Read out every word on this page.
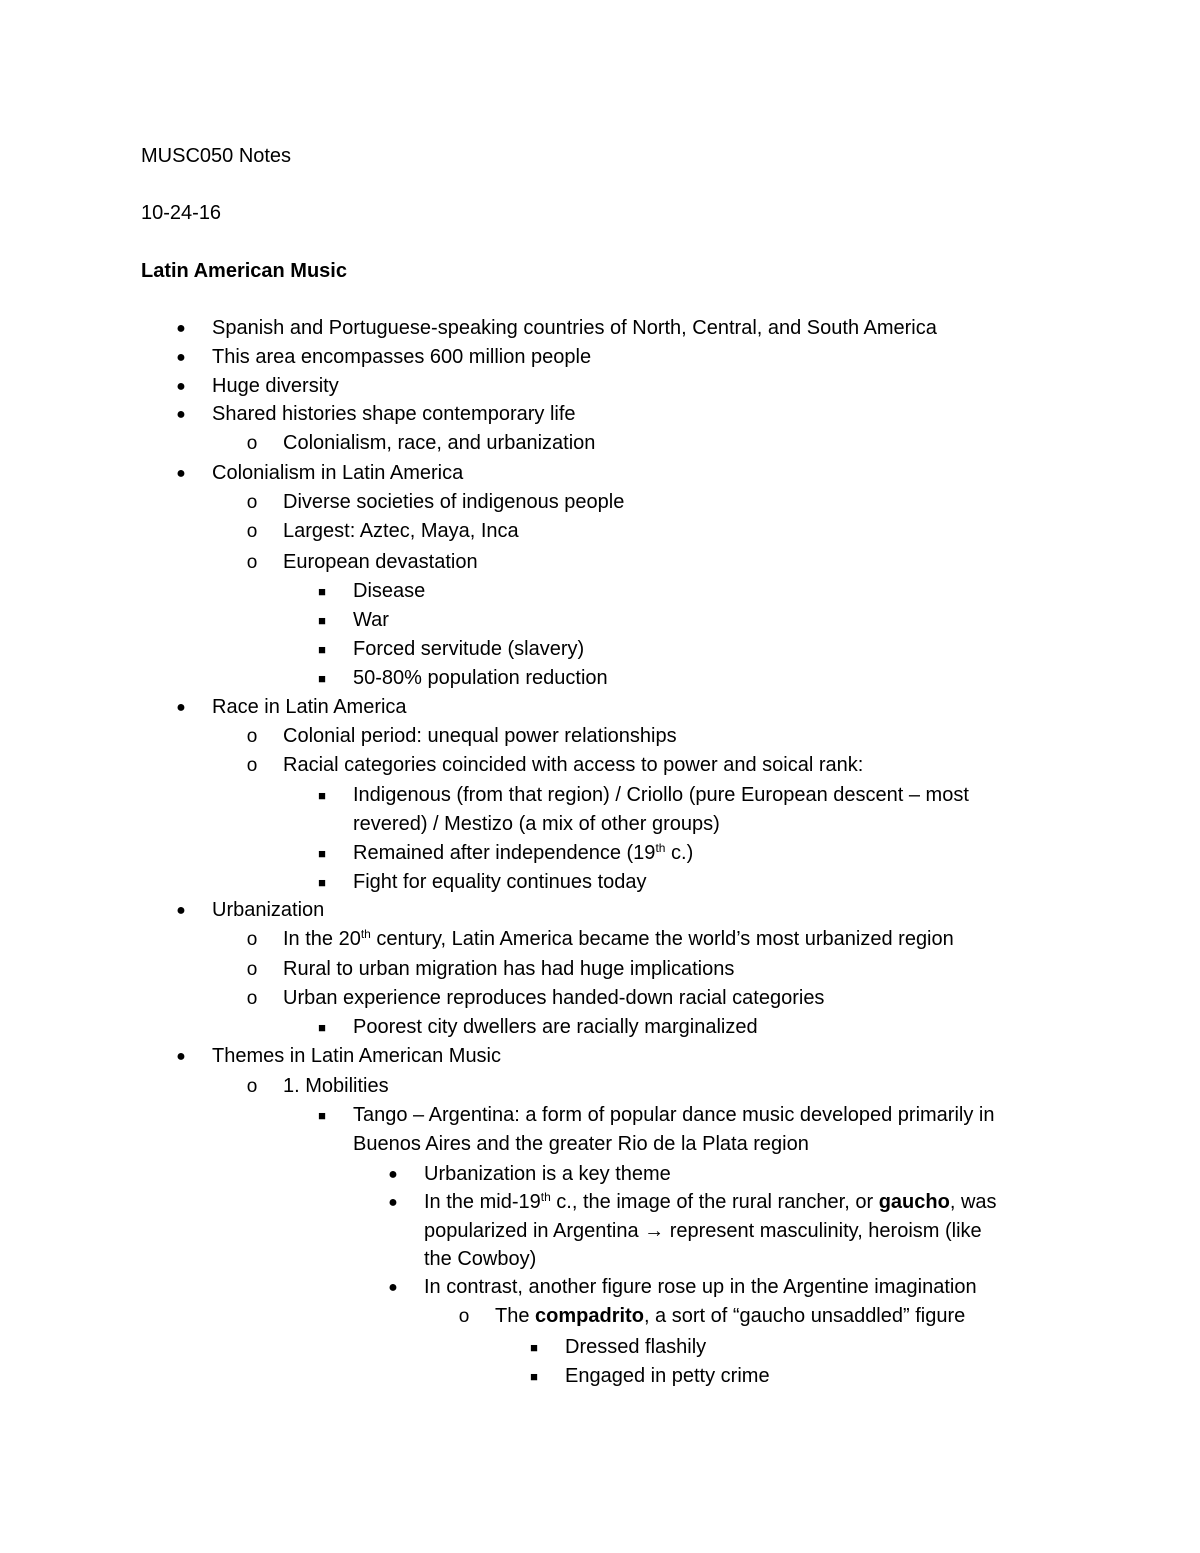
MUSC050 Notes
10-24-16
Latin American Music
● Spanish and Portuguese-speaking countries of North, Central, and South America
● This area encompasses 600 million people
● Huge diversity
● Shared histories shape contemporary life
o Colonialism, race, and urbanization
● Colonialism in Latin America
o Diverse societies of indigenous people
o Largest: Aztec, Maya, Inca
o European devastation
■ Disease
■ War
■ Forced servitude (slavery)
■ 50-80% population reduction
● Race in Latin America
o Colonial period: unequal power relationships
o Racial categories coincided with access to power and soical rank:
■ Indigenous (from that region) / Criollo (pure European descent – most
revered) / Mestizo (a mix of other groups)
■ Remained after independence (19th c.)
■ Fight for equality continues today
● Urbanization
o In the 20th century, Latin America became the world’s most urbanized region
o Rural to urban migration has had huge implications
o Urban experience reproduces handed-down racial categories
■ Poorest city dwellers are racially marginalized
● Themes in Latin American Music
o 1. Mobilities
■ Tango – Argentina: a form of popular dance music developed primarily in
Buenos Aires and the greater Rio de la Plata region
● Urbanization is a key theme
● In the mid-19th c., the image of the rural rancher, or gaucho, was
popularized in Argentina → represent masculinity, heroism (like
the Cowboy)
● In contrast, another figure rose up in the Argentine imagination
o The compadrito, a sort of “gaucho unsaddled” figure
■ Dressed flashily
■ Engaged in petty crime
